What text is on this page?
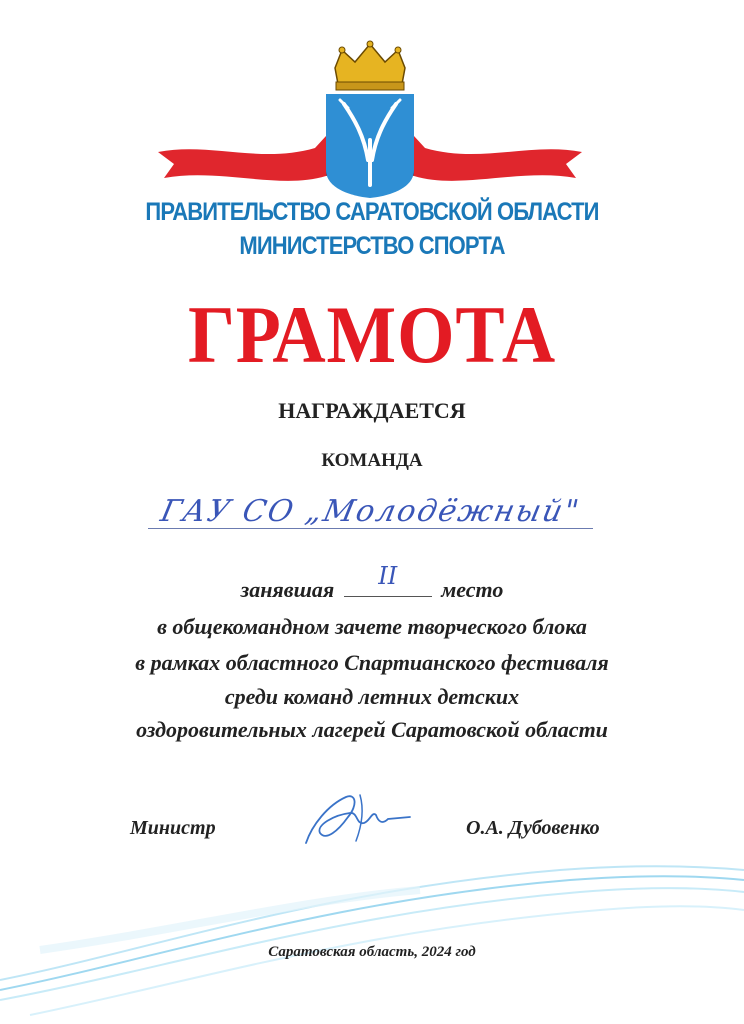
ПРАВИТЕЛЬСТВО САРАТОВСКОЙ ОБЛАСТИ
МИНИСТЕРСТВО СПОРТА
ГРАМОТА
НАГРАЖДАЕТСЯ
КОМАНДА
ГАУ СО „Молодёжный"
занявшая	II	место
в общекомандном зачете творческого блока
в рамках областного Спартианского фестиваля
среди команд летних детских
оздоровительных лагерей Саратовской области
Министр	О.А. Дубовенко
Саратовская область, 2024 год
